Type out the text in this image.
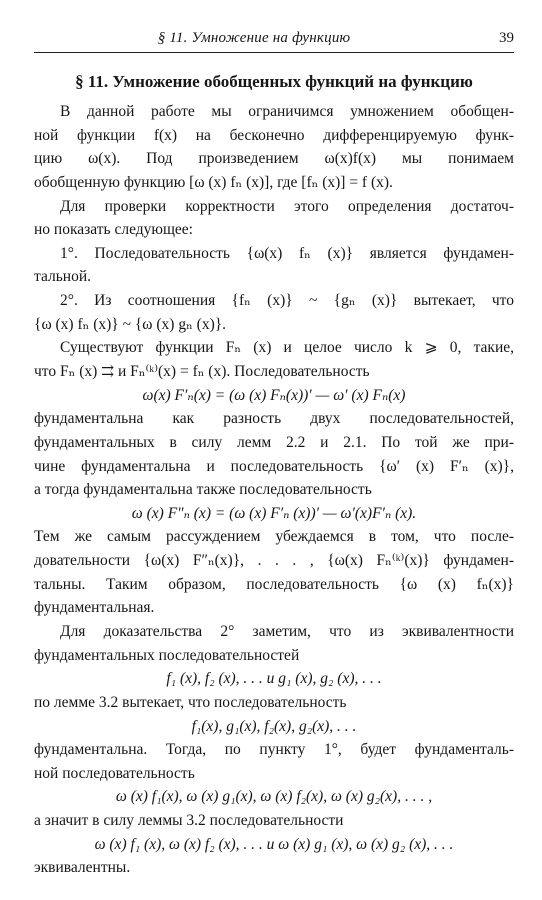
§ 11. Умножение на функцию	39
§ 11. Умножение обобщенных функций на функцию
В данной работе мы ограничимся умножением обобщен-
ной функции f(x) на бесконечно дифференцируемую функ-
цию ω(x). Под произведением ω(x)f(x) мы понимаем
обобщенную функцию [ω (x) fₙ (x)], где [fₙ (x)] = f (x).
Для проверки корректности этого определения достаточ-
но показать следующее:
1°. Последовательность {ω(x) fₙ (x)} является фундамен-
тальной.
2°. Из соотношения {fₙ (x)} ~ {gₙ (x)} вытекает, что
{ω (x) fₙ (x)} ~ {ω (x) gₙ (x)}.
Существуют функции Fₙ (x) и целое число k ⩾ 0, такие,
что Fₙ (x) ⇉ и Fₙ⁽ᵏ⁾(x) = fₙ (x). Последовательность
ω(x) F′ₙ(x) = (ω (x) Fₙ(x))′ — ω′ (x) Fₙ(x)
фундаментальна как разность двух последовательностей,
фундаментальных в силу лемм 2.2 и 2.1. По той же при-
чине фундаментальна и последовательность {ω′ (x) F′ₙ (x)},
а тогда фундаментальна также последовательность
ω (x) F″ₙ (x) = (ω (x) F′ₙ (x))′ — ω′(x)F′ₙ (x).
Тем же самым рассуждением убеждаемся в том, что после-
довательности {ω(x) F″ₙ(x)}, . . . , {ω(x) Fₙ⁽ᵏ⁾(x)} фундамен-
тальны. Таким образом, последовательность {ω (x) fₙ(x)}
фундаментальная.
Для доказательства 2° заметим, что из эквивалентности
фундаментальных последовательностей
f₁ (x), f₂ (x), . . . и g₁ (x), g₂ (x), . . .
по лемме 3.2 вытекает, что последовательность
f₁(x), g₁(x), f₂(x), g₂(x), . . .
фундаментальна. Тогда, по пункту 1°, будет фундаменталь-
ной последовательность
ω (x) f₁(x), ω (x) g₁(x), ω (x) f₂(x), ω (x) g₂(x), . . . ,
а значит в силу леммы 3.2 последовательности
ω (x) f₁ (x), ω (x) f₂ (x), . . . и ω (x) g₁ (x), ω (x) g₂ (x), . . .
эквивалентны.
